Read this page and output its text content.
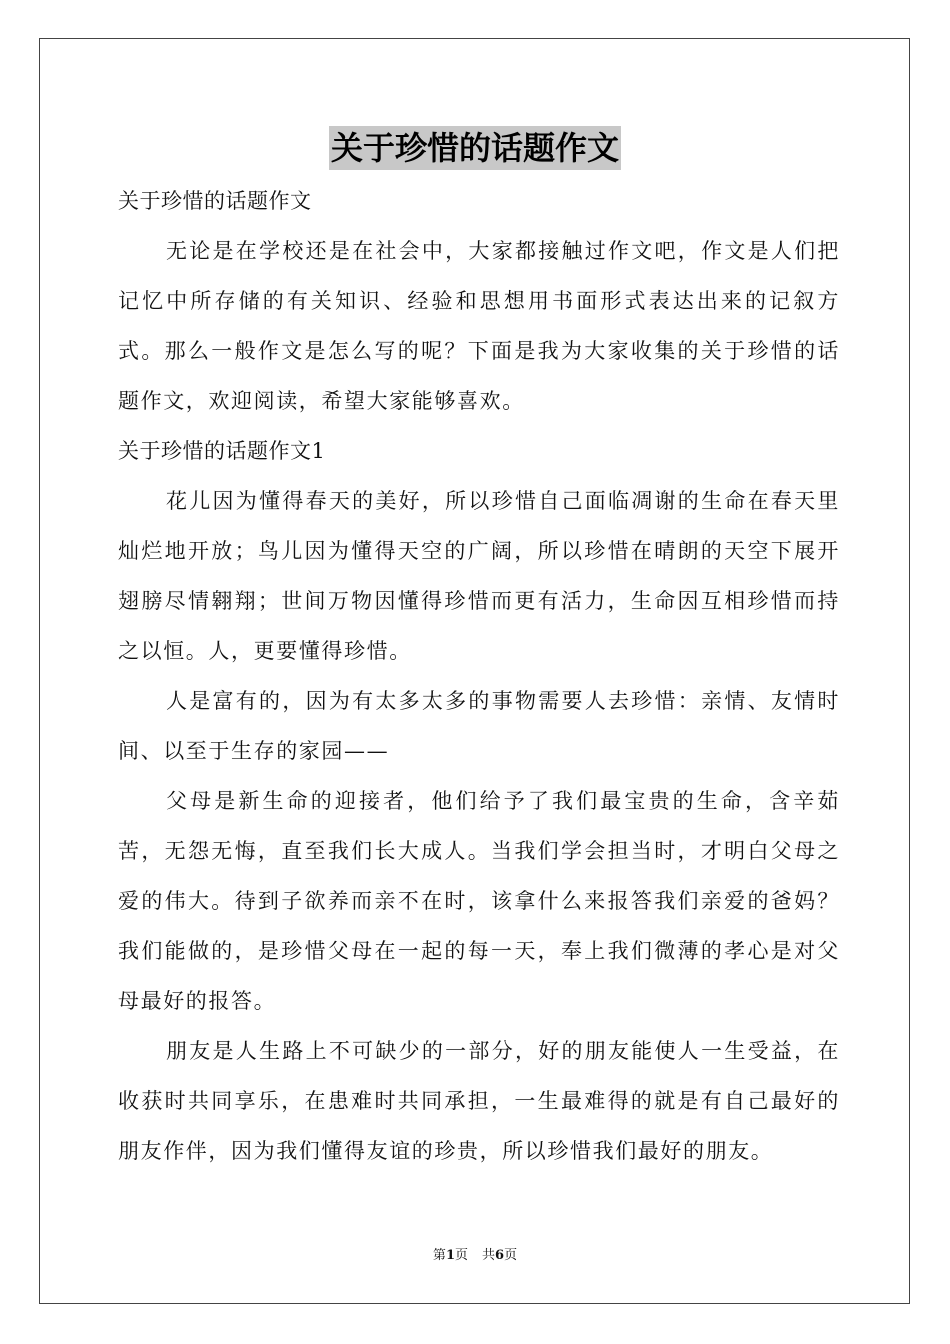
关于珍惜的话题作文

关于珍惜的话题作文

无论是在学校还是在社会中，大家都接触过作文吧，作文是人们把记忆中所存储的有关知识、经验和思想用书面形式表达出来的记叙方式。那么一般作文是怎么写的呢？下面是我为大家收集的关于珍惜的话题作文，欢迎阅读，希望大家能够喜欢。

关于珍惜的话题作文1

花儿因为懂得春天的美好，所以珍惜自己面临凋谢的生命在春天里灿烂地开放；鸟儿因为懂得天空的广阔，所以珍惜在晴朗的天空下展开翅膀尽情翱翔；世间万物因懂得珍惜而更有活力，生命因互相珍惜而持之以恒。人，更要懂得珍惜。

人是富有的，因为有太多太多的事物需要人去珍惜：亲情、友情时间、以至于生存的家园——

父母是新生命的迎接者，他们给予了我们最宝贵的生命，含辛茹苦，无怨无悔，直至我们长大成人。当我们学会担当时，才明白父母之爱的伟大。待到子欲养而亲不在时，该拿什么来报答我们亲爱的爸妈？我们能做的，是珍惜父母在一起的每一天，奉上我们微薄的孝心是对父母最好的报答。

朋友是人生路上不可缺少的一部分，好的朋友能使人一生受益，在收获时共同享乐，在患难时共同承担，一生最难得的就是有自己最好的朋友作伴，因为我们懂得友谊的珍贵，所以珍惜我们最好的朋友。

第1页 共6页
